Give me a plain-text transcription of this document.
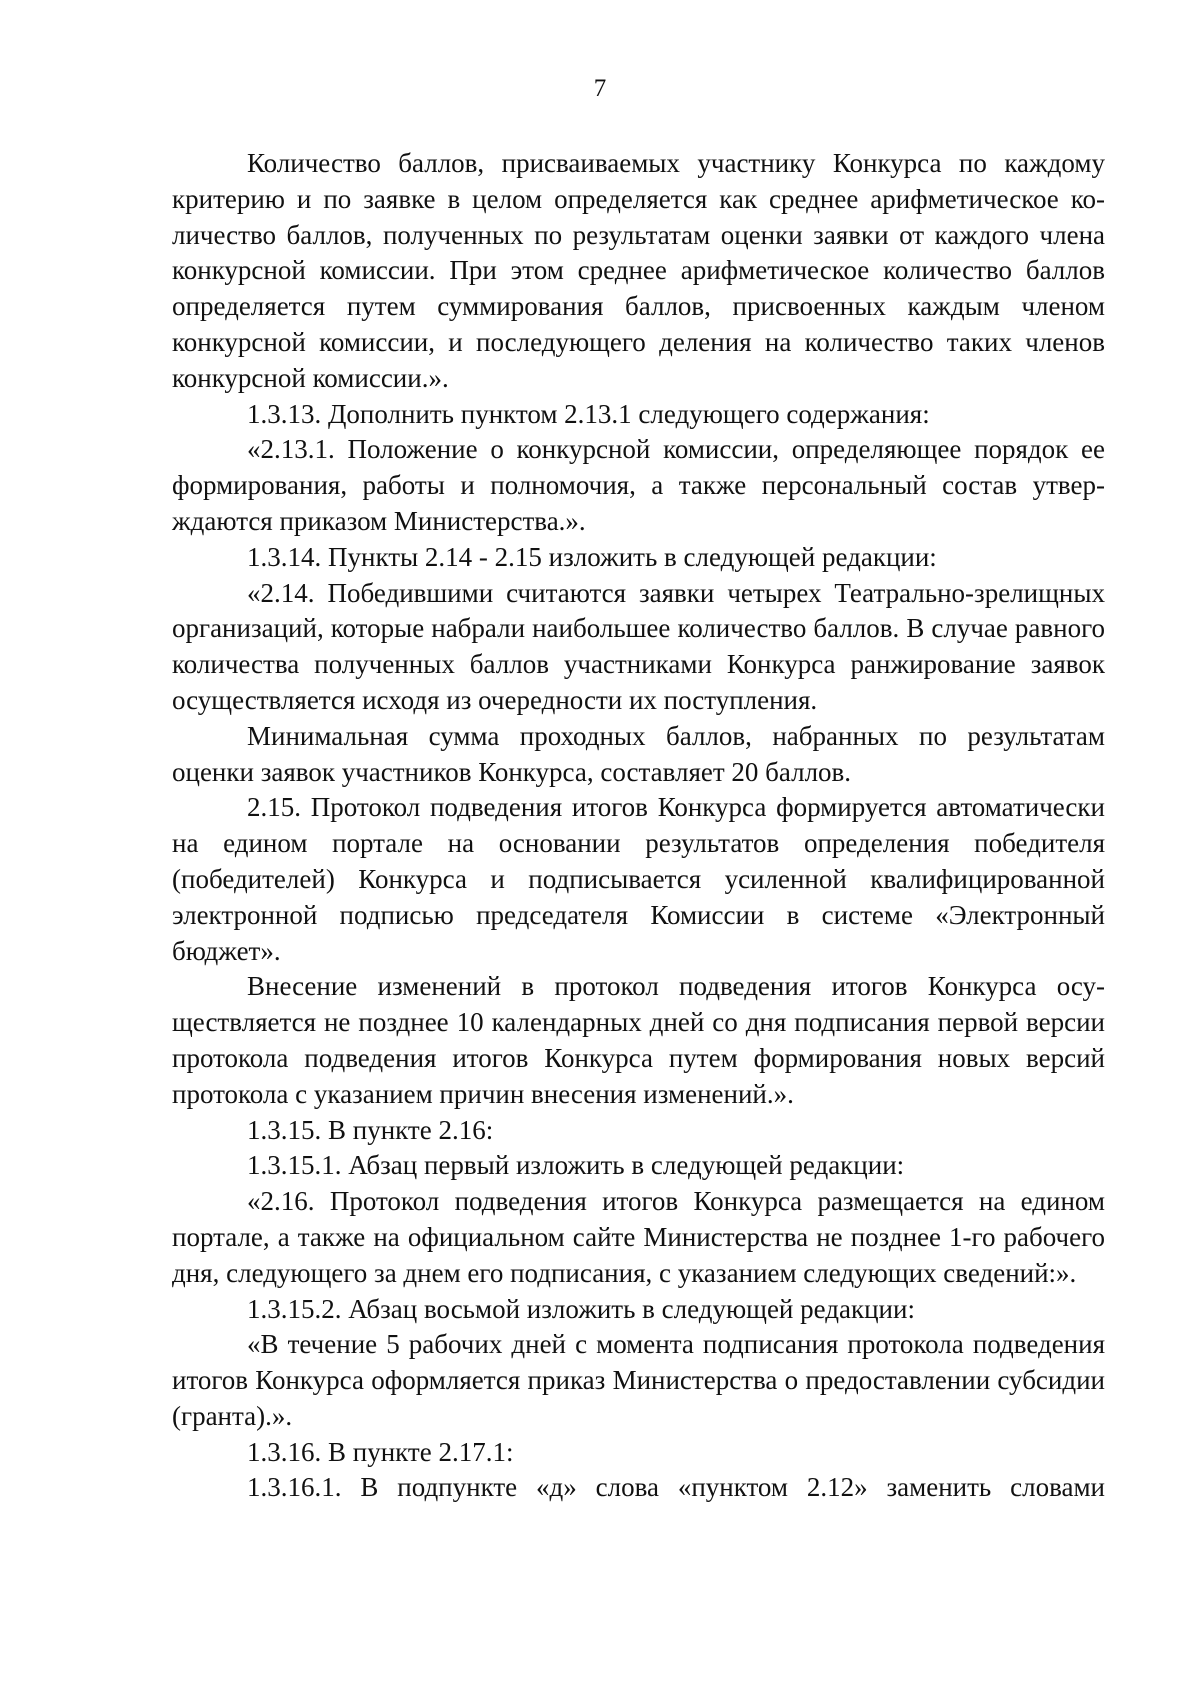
7

Количество баллов, присваиваемых участнику Конкурса по каждому критерию и по заявке в целом определяется как среднее арифметическое количество баллов, полученных по результатам оценки заявки от каждого члена конкурсной комиссии. При этом среднее арифметическое количество баллов определяется путем суммирования баллов, присвоенных каждым членом конкурсной комиссии, и последующего деления на количество таких членов конкурсной комиссии.».

1.3.13. Дополнить пунктом 2.13.1 следующего содержания:

«2.13.1. Положение о конкурсной комиссии, определяющее порядок ее формирования, работы и полномочия, а также персональный состав утверждаются приказом Министерства.».

1.3.14. Пункты 2.14 - 2.15 изложить в следующей редакции:

«2.14. Победившими считаются заявки четырех Театрально-зрелищных организаций, которые набрали наибольшее количество баллов. В случае равного количества полученных баллов участниками Конкурса ранжирование заявок осуществляется исходя из очередности их поступления.

Минимальная сумма проходных баллов, набранных по результатам оценки заявок участников Конкурса, составляет 20 баллов.

2.15. Протокол подведения итогов Конкурса формируется автоматически на едином портале на основании результатов определения победителя (победителей) Конкурса и подписывается усиленной квалифицированной электронной подписью председателя Комиссии в системе «Электронный бюджет».

Внесение изменений в протокол подведения итогов Конкурса осуществляется не позднее 10 календарных дней со дня подписания первой версии протокола подведения итогов Конкурса путем формирования новых версий протокола с указанием причин внесения изменений.».

1.3.15. В пункте 2.16:

1.3.15.1. Абзац первый изложить в следующей редакции:

«2.16. Протокол подведения итогов Конкурса размещается на едином портале, а также на официальном сайте Министерства не позднее 1-го рабочего дня, следующего за днем его подписания, с указанием следующих сведений:».

1.3.15.2. Абзац восьмой изложить в следующей редакции:

«В течение 5 рабочих дней с момента подписания протокола подведения итогов Конкурса оформляется приказ Министерства о предоставлении субсидии (гранта).».

1.3.16. В пункте 2.17.1:

1.3.16.1. В подпункте «д» слова «пунктом 2.12» заменить словами
